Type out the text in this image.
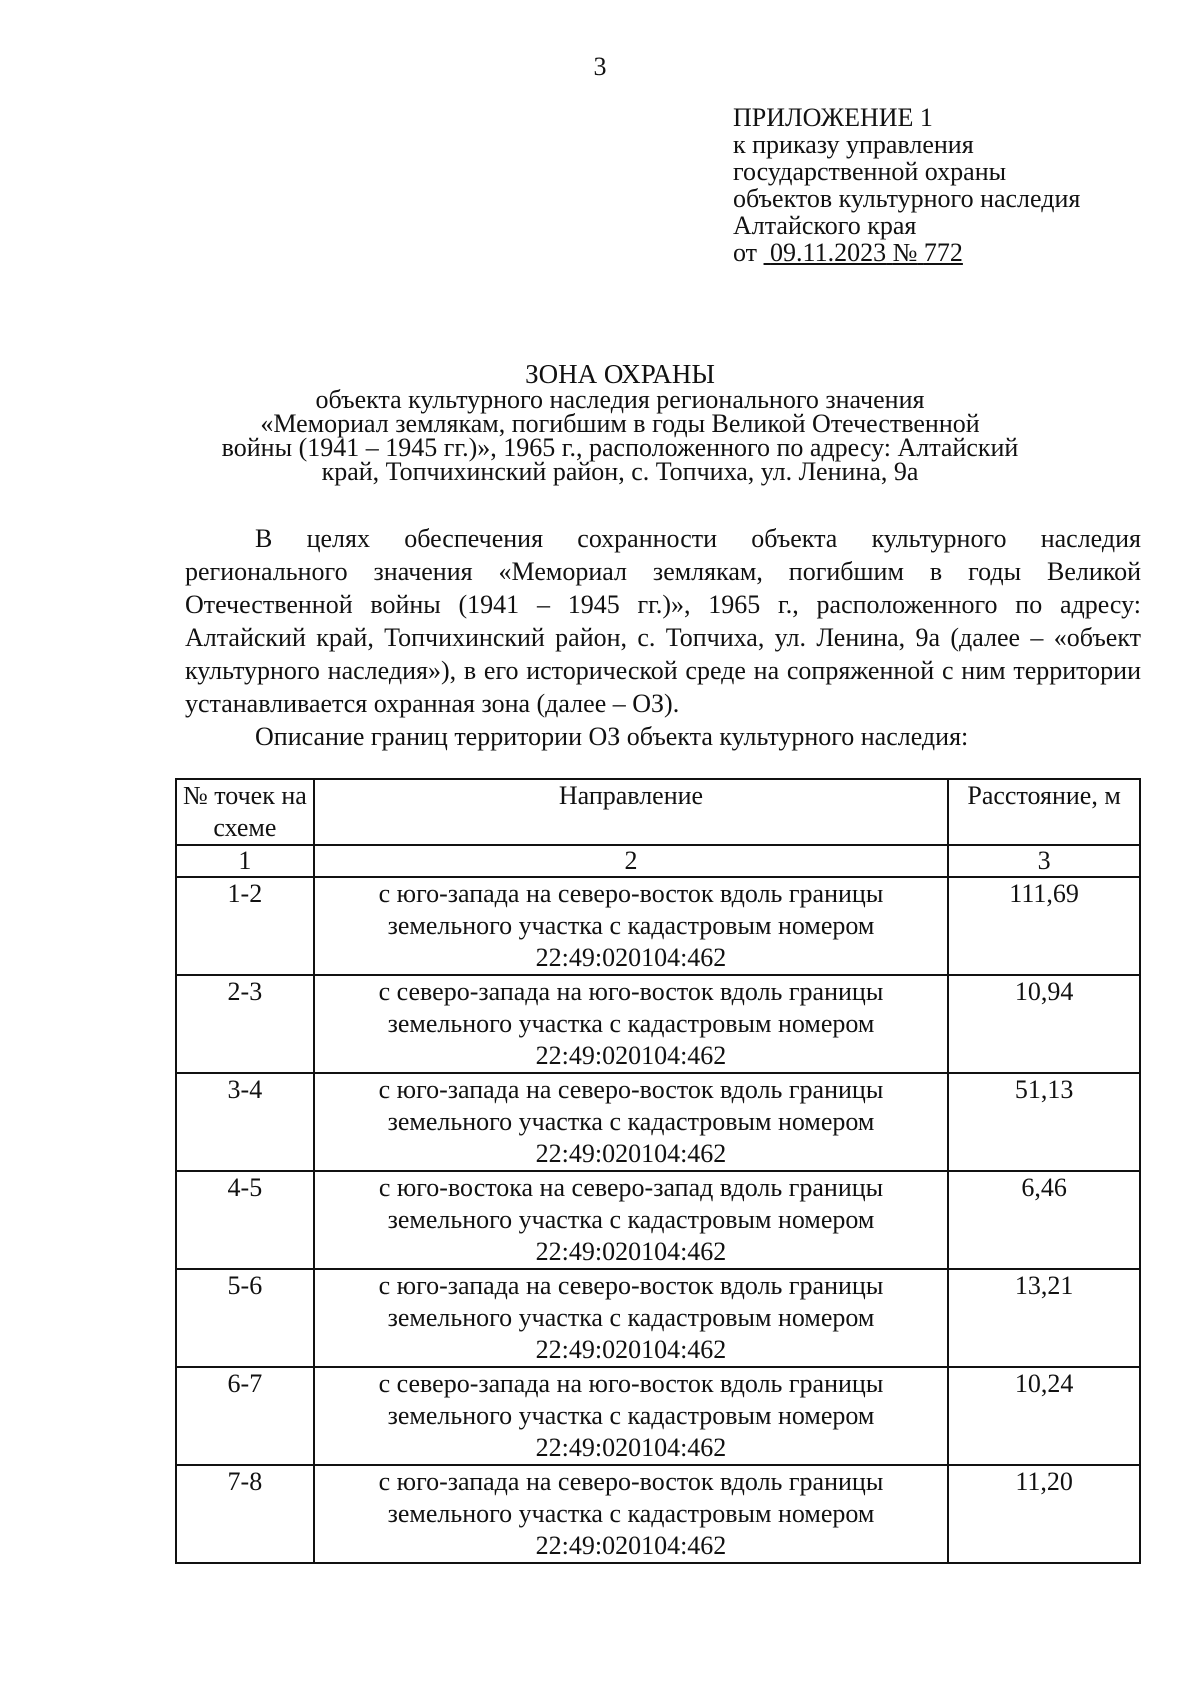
3
ПРИЛОЖЕНИЕ 1
к приказу управления
государственной охраны
объектов культурного наследия
Алтайского края
от 09.11.2023 № 772
ЗОНА ОХРАНЫ
объекта культурного наследия регионального значения
«Мемориал землякам, погибшим в годы Великой Отечественной
войны (1941 – 1945 гг.)», 1965 г., расположенного по адресу: Алтайский
край, Топчихинский район, с. Топчиха, ул. Ленина, 9а

В целях обеспечения сохранности объекта культурного наследия регионального значения «Мемориал землякам, погибшим в годы Великой Отечественной войны (1941 – 1945 гг.)», 1965 г., расположенного по адресу: Алтайский край, Топчихинский район, с. Топчиха, ул. Ленина, 9а (далее – «объект культурного наследия»), в его исторической среде на сопряженной с ним территории устанавливается охранная зона (далее – ОЗ).

Описание границ территории ОЗ объекта культурного наследия:

№ точек на схеме	Направление	Расстояние, м
1	2	3
1-2	с юго-запада на северо-восток вдоль границы
земельного участка с кадастровым номером
22:49:020104:462	111,69
2-3	с северо-запада на юго-восток вдоль границы
земельного участка с кадастровым номером
22:49:020104:462	10,94
3-4	с юго-запада на северо-восток вдоль границы
земельного участка с кадастровым номером
22:49:020104:462	51,13
4-5	с юго-востока на северо-запад вдоль границы
земельного участка с кадастровым номером
22:49:020104:462	6,46
5-6	с юго-запада на северо-восток вдоль границы
земельного участка с кадастровым номером
22:49:020104:462	13,21
6-7	с северо-запада на юго-восток вдоль границы
земельного участка с кадастровым номером
22:49:020104:462	10,24
7-8	с юго-запада на северо-восток вдоль границы
земельного участка с кадастровым номером
22:49:020104:462	11,20
